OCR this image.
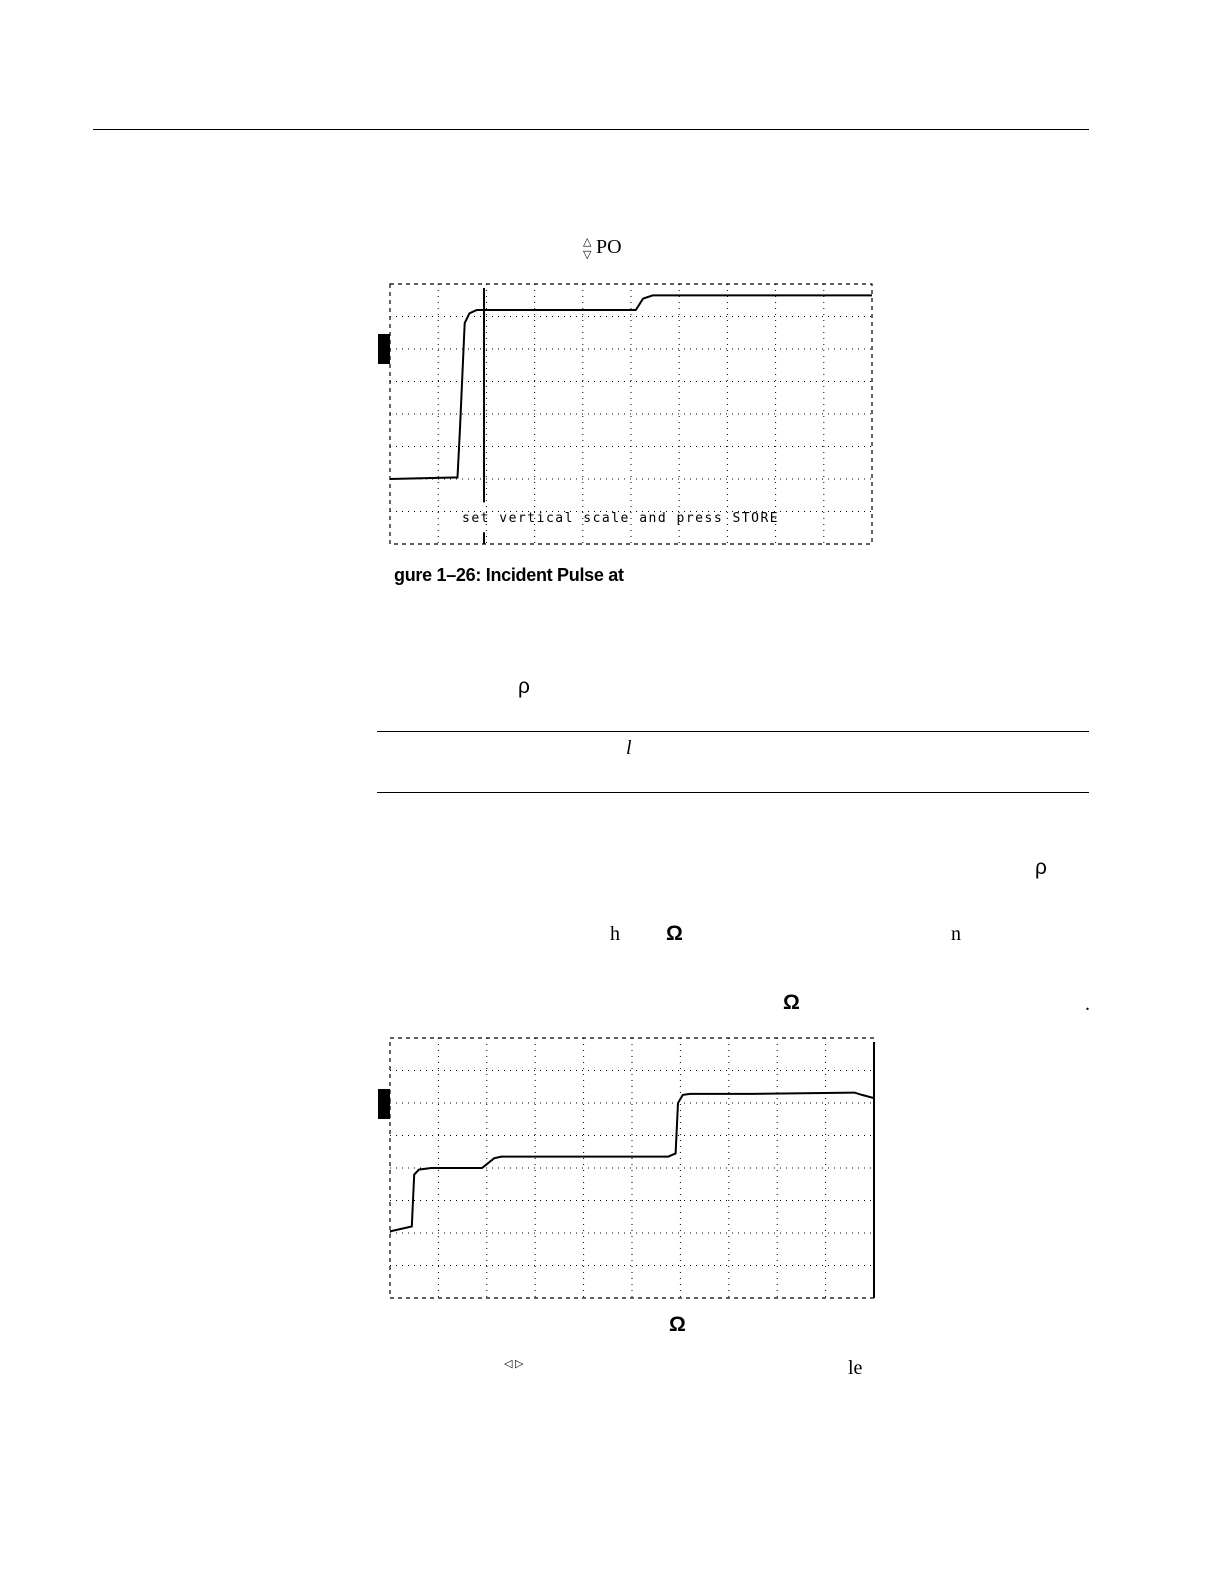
△
▽ PO
set vertical scale and press STORE
gure 1–26: Incident Pulse at
ρ
l
ρ
h Ω	n
Ω	.
Ω
◁ ▷	le
